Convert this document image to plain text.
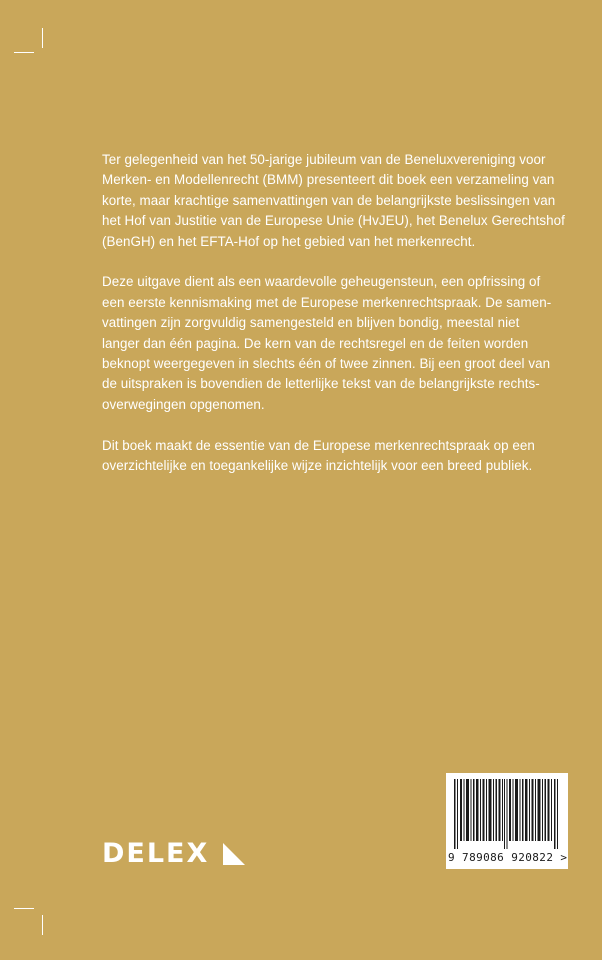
Ter gelegenheid van het 50-jarige jubileum van de Beneluxvereniging voor
Merken- en Modellenrecht (BMM) presenteert dit boek een verzameling van
korte, maar krachtige samenvattingen van de belangrijkste beslissingen van
het Hof van Justitie van de Europese Unie (HvJEU), het Benelux Gerechtshof
(BenGH) en het EFTA-Hof op het gebied van het merkenrecht.

Deze uitgave dient als een waardevolle geheugensteun, een opfrissing of
een eerste kennismaking met de Europese merkenrechtspraak. De samen-
vattingen zijn zorgvuldig samengesteld en blijven bondig, meestal niet
langer dan één pagina. De kern van de rechtsregel en de feiten worden
beknopt weergegeven in slechts één of twee zinnen. Bij een groot deel van
de uitspraken is bovendien de letterlijke tekst van de belangrijkste rechts-
overwegingen opgenomen.

Dit boek maakt de essentie van de Europese merkenrechtspraak op een
overzichtelijke en toegankelijke wijze inzichtelijk voor een breed publiek.

DELEX	9 789086 920822 >
